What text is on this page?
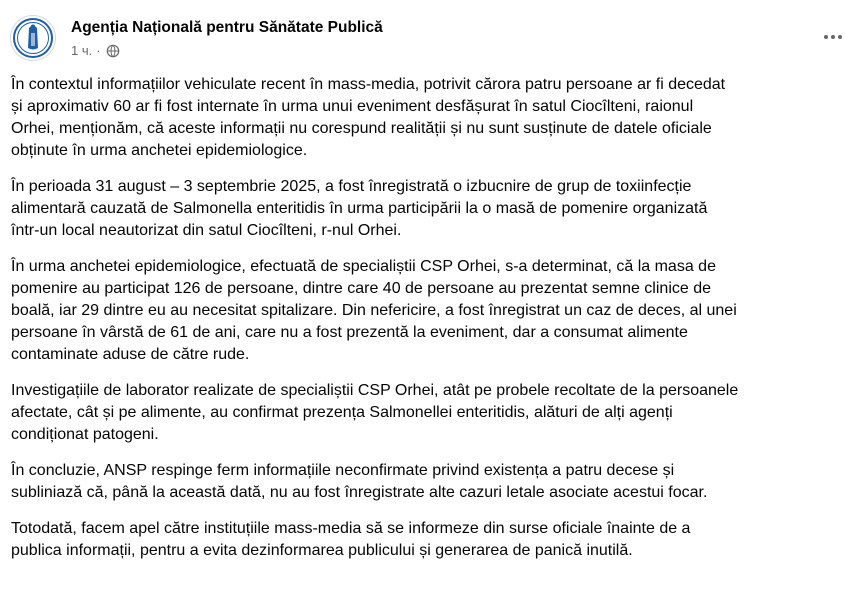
Agenția Națională pentru Sănătate Publică
1 ч. ·

În contextul informațiilor vehiculate recent în mass-media, potrivit cărora patru persoane ar fi decedat
și aproximativ 60 ar fi fost internate în urma unui eveniment desfășurat în satul Ciocîlteni, raionul
Orhei, menționăm, că aceste informații nu corespund realității și nu sunt susținute de datele oficiale
obținute în urma anchetei epidemiologice.

În perioada 31 august – 3 septembrie 2025, a fost înregistrată o izbucnire de grup de toxiinfecție
alimentară cauzată de Salmonella enteritidis în urma participării la o masă de pomenire organizată
într-un local neautorizat din satul Ciocîlteni, r-nul Orhei.

În urma anchetei epidemiologice, efectuată de specialiștii CSP Orhei, s-a determinat, că la masa de
pomenire au participat 126 de persoane, dintre care 40 de persoane au prezentat semne clinice de
boală, iar 29 dintre eu au necesitat spitalizare. Din nefericire, a fost înregistrat un caz de deces, al unei
persoane în vârstă de 61 de ani, care nu a fost prezentă la eveniment, dar a consumat alimente
contaminate aduse de către rude.

Investigațiile de laborator realizate de specialiștii CSP Orhei, atât pe probele recoltate de la persoanele
afectate, cât și pe alimente, au confirmat prezența Salmonellei enteritidis, alături de alți agenți
condiționat patogeni.

În concluzie, ANSP respinge ferm informațiile neconfirmate privind existența a patru decese și
subliniază că, până la această dată, nu au fost înregistrate alte cazuri letale asociate acestui focar.

Totodată, facem apel către instituțiile mass-media să se informeze din surse oficiale înainte de a
publica informații, pentru a evita dezinformarea publicului și generarea de panică inutilă.
